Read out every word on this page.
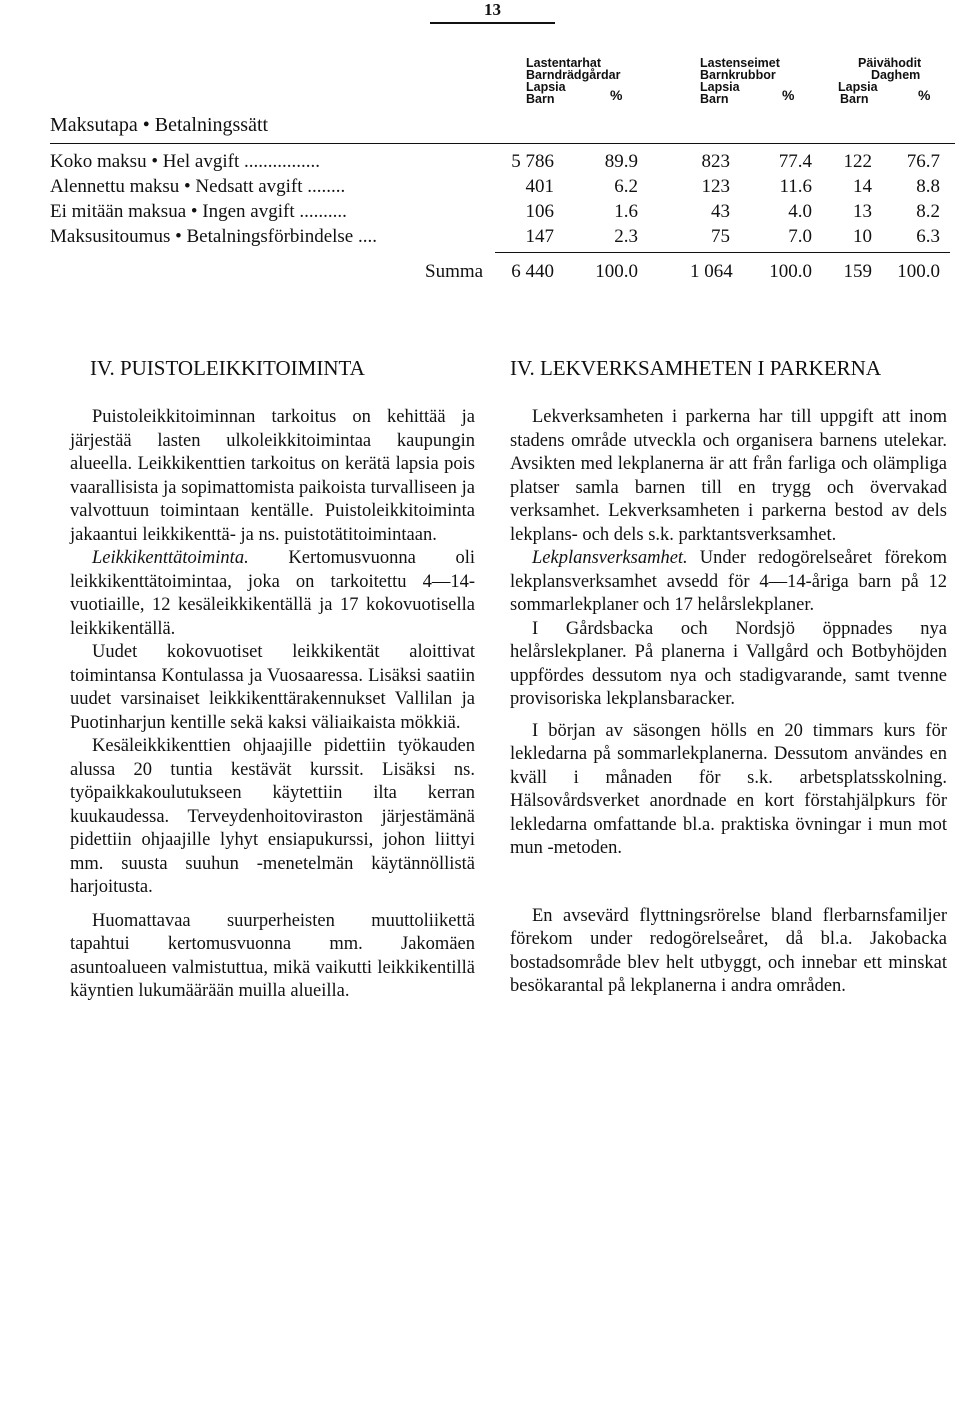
13
Lastentarhat
Barndrädgårdar
Lapsia
Barn	%
Lastenseimet
Barnkrubbor
Lapsia
Barn	%
Päivähodit
Daghem
Lapsia
Barn	%
Maksutapa • Betalningssätt
Koko maksu • Hel avgift ................	5 786	89.9	823	77.4	122	76.7
Alennettu maksu • Nedsatt avgift ........	401	6.2	123	11.6	14	8.8
Ei mitään maksua • Ingen avgift ..........	106	1.6	43	4.0	13	8.2
Maksusitoumus • Betalningsförbindelse ....	147	2.3	75	7.0	10	6.3
Summa	6 440 100.0	1 064	100.0	159	100.0
IV. PUISTOLEIKKITOIMINTA

Puistoleikkitoiminnan tarkoitus on kehittää ja järjestää lasten ulkoleikkitoimintaa kaupungin alueella. Leikkikenttien tarkoitus on kerätä lapsia pois vaarallisista ja sopimattomista paikoista turvalliseen ja valvottuun toimintaan kentälle. Puistoleikkitoiminta jakaantui leikkikenttä- ja ns. puistotätitoimintaan.

Leikkikenttätoiminta. Kertomusvuonna oli leikkikenttätoimintaa, joka on tarkoitettu 4—14-vuotiaille, 12 kesäleikkikentällä ja 17 kokovuotisella leikkikentällä.

Uudet kokovuotiset leikkikentät aloittivat toimintansa Kontulassa ja Vuosaaressa. Lisäksi saatiin uudet varsinaiset leikkikenttärakennukset Vallilan ja Puotinharjun kentille sekä kaksi väliaikaista mökkiä.

Kesäleikkikenttien ohjaajille pidettiin työkauden alussa 20 tuntia kestävät kurssit. Lisäksi ns. työpaikkakoulutukseen käytettiin ilta kerran kuukaudessa. Terveydenhoitoviraston järjestämänä pidettiin ohjaajille lyhyt ensiapukurssi, johon liittyi mm. suusta suuhun -menetelmän käytännöllistä harjoitusta.

Huomattavaa suurperheisten muuttoliikettä tapahtui kertomusvuonna mm. Jakomäen asuntoalueen valmistuttua, mikä vaikutti leikkikentillä käyntien lukumäärään muilla alueilla.

IV. LEKVERKSAMHETEN I PARKERNA

Lekverksamheten i parkerna har till uppgift att inom stadens område utveckla och organisera barnens utelekar. Avsikten med lekplanerna är att från farliga och olämpliga platser samla barnen till en trygg och övervakad verksamhet. Lekverksamheten i parkerna bestod av dels lekplans- och dels s.k. parktantsverksamhet.

Lekplansverksamhet. Under redogörelseåret förekom lekplansverksamhet avsedd för 4—14-åriga barn på 12 sommarlekplaner och 17 helårslekplaner.

I Gårdsbacka och Nordsjö öppnades nya helårslekplaner. På planerna i Vallgård och Botbyhöjden uppfördes dessutom nya och stadigvarande, samt tvenne provisoriska lekplansbaracker.

I början av säsongen hölls en 20 timmars kurs för lekledarna på sommarlekplanerna. Dessutom användes en kväll i månaden för s.k. arbetsplatsskolning. Hälsovårdsverket anordnade en kort förstahjälpkurs för lekledarna omfattande bl.a. praktiska övningar i mun mot mun -metoden.

En avsevärd flyttningsrörelse bland flerbarnsfamiljer förekom under redogörelseåret, då bl.a. Jakobacka bostadsområde blev helt utbyggt, och innebar ett minskat besökarantal på lekplanerna i andra områden.
